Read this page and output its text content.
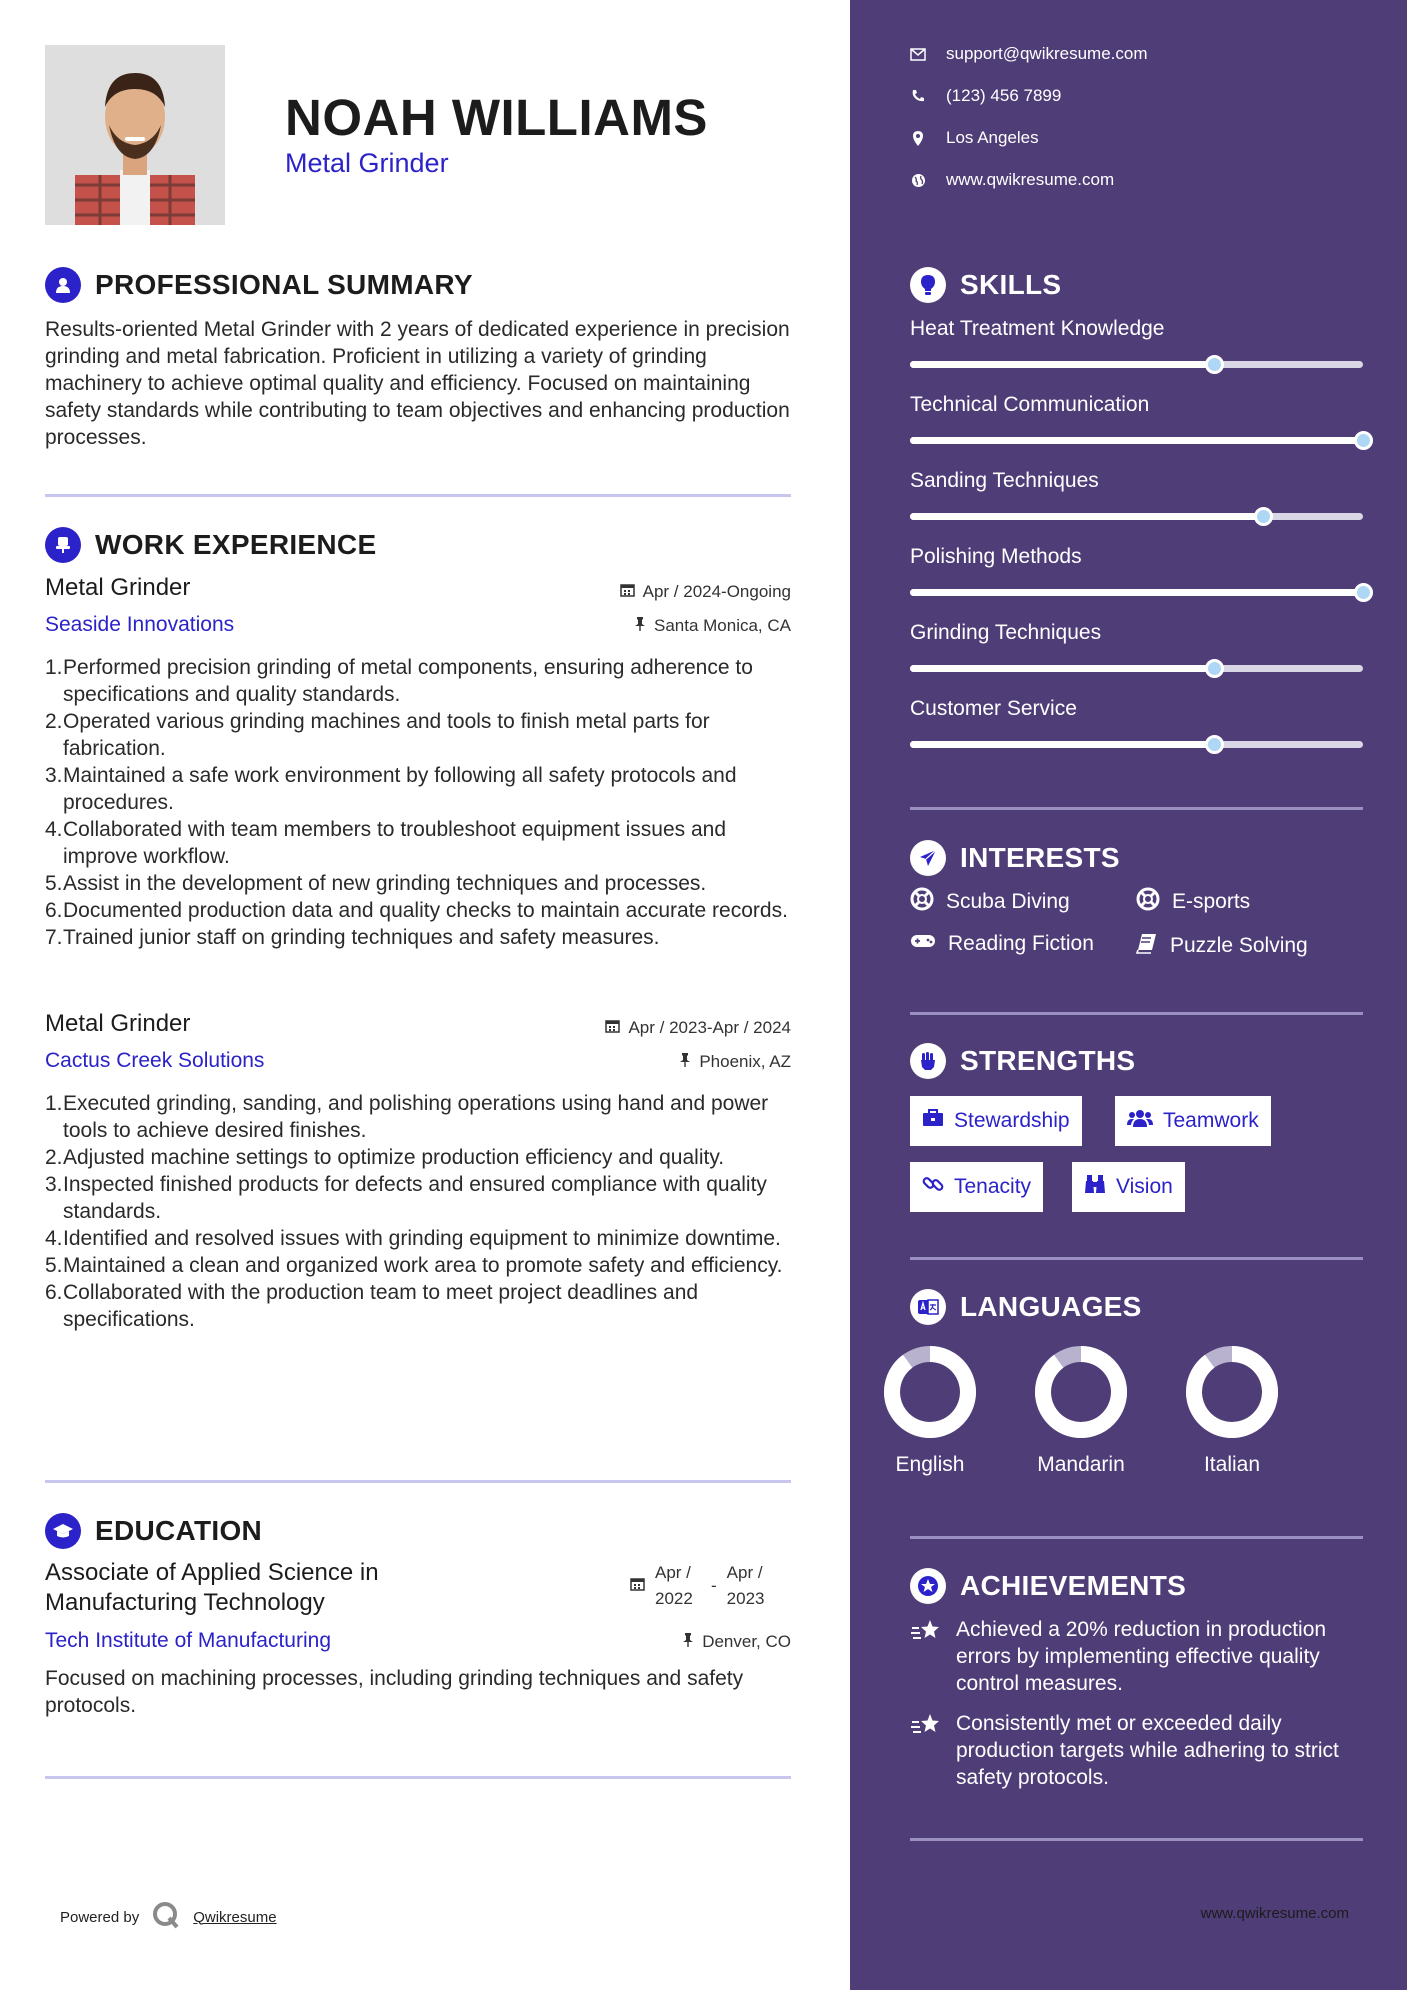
NOAH WILLIAMS
Metal Grinder
PROFESSIONAL SUMMARY
Results-oriented Metal Grinder with 2 years of dedicated experience in precision grinding and metal fabrication. Proficient in utilizing a variety of grinding machinery to achieve optimal quality and efficiency. Focused on maintaining safety standards while contributing to team objectives and enhancing production processes.
WORK EXPERIENCE
Metal Grinder	Apr / 2024-Ongoing
Seaside Innovations	Santa Monica, CA
1. Performed precision grinding of metal components, ensuring adherence to specifications and quality standards.
2. Operated various grinding machines and tools to finish metal parts for fabrication.
3. Maintained a safe work environment by following all safety protocols and procedures.
4. Collaborated with team members to troubleshoot equipment issues and improve workflow.
5. Assist in the development of new grinding techniques and processes.
6. Documented production data and quality checks to maintain accurate records.
7. Trained junior staff on grinding techniques and safety measures.
Metal Grinder	Apr / 2023-Apr / 2024
Cactus Creek Solutions	Phoenix, AZ
1. Executed grinding, sanding, and polishing operations using hand and power tools to achieve desired finishes.
2. Adjusted machine settings to optimize production efficiency and quality.
3. Inspected finished products for defects and ensured compliance with quality standards.
4. Identified and resolved issues with grinding equipment to minimize downtime.
5. Maintained a clean and organized work area to promote safety and efficiency.
6. Collaborated with the production team to meet project deadlines and specifications.
EDUCATION
Associate of Applied Science in Manufacturing Technology
Apr / 2022
-
Apr / 2023
Tech Institute of Manufacturing	Denver, CO
Focused on machining processes, including grinding techniques and safety protocols.
Powered by	Qwikresume
support@qwikresume.com
(123) 456 7899
Los Angeles
www.qwikresume.com
SKILLS
Heat Treatment Knowledge
Technical Communication
Sanding Techniques
Polishing Methods
Grinding Techniques
Customer Service
INTERESTS
Scuba Diving	E-sports
Reading Fiction	Puzzle Solving
STRENGTHS
Stewardship	Teamwork
Tenacity	Vision
LANGUAGES
English	Mandarin	Italian
ACHIEVEMENTS
Achieved a 20% reduction in production errors by implementing effective quality control measures.
Consistently met or exceeded daily production targets while adhering to strict safety protocols.
www.qwikresume.com
